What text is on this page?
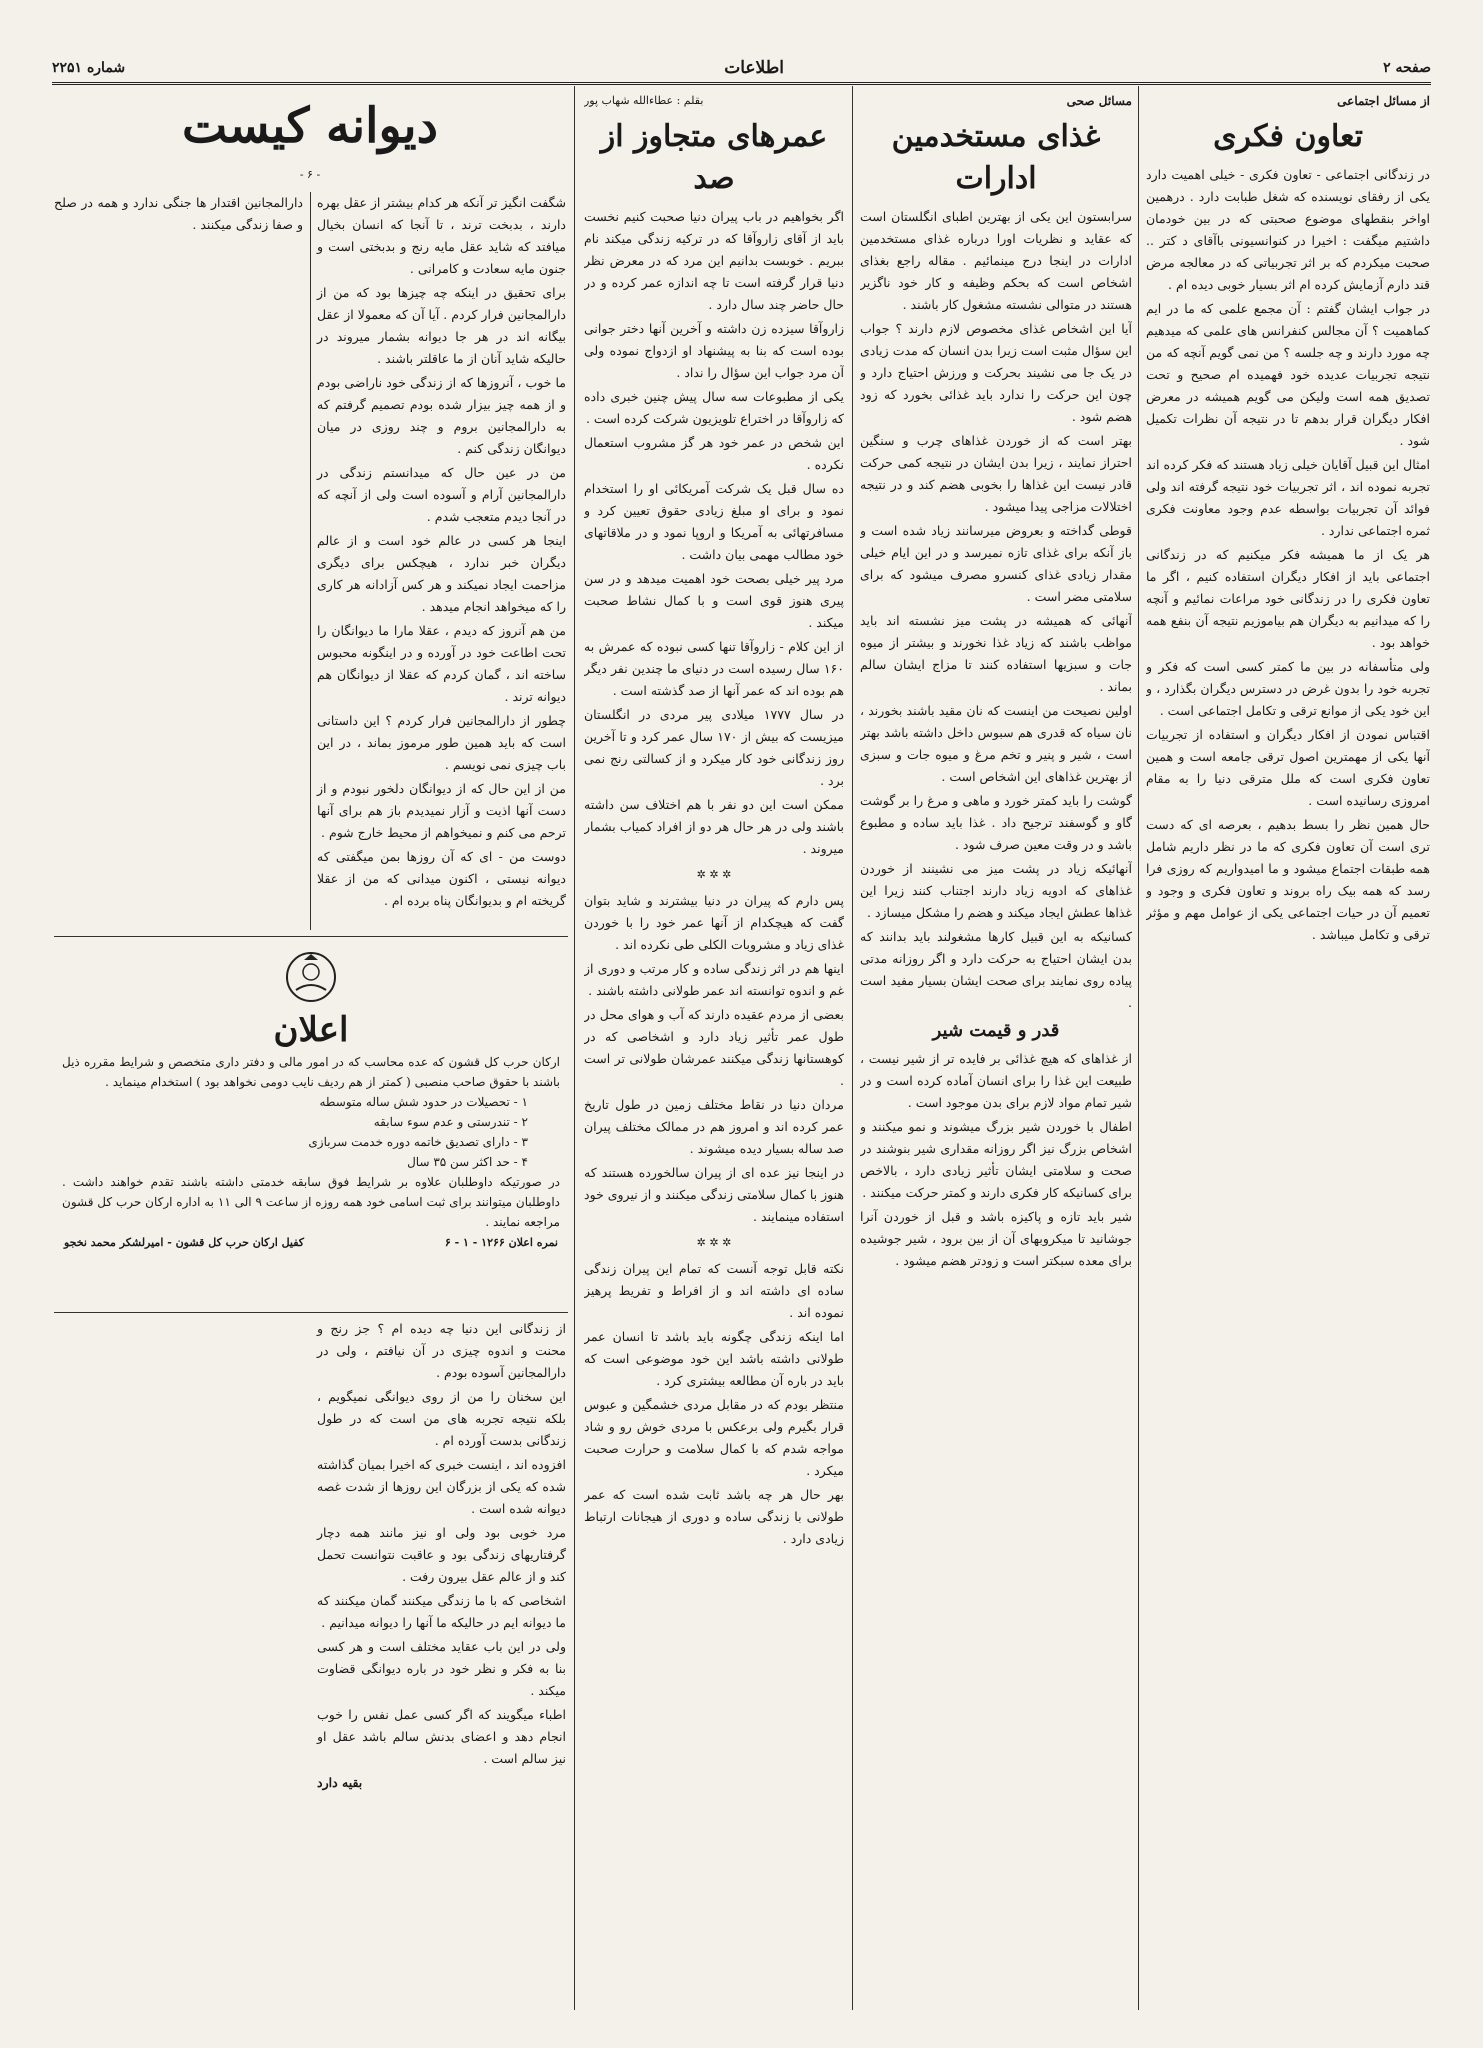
شماره ۲۲۵۱	اطلاعات	صفحه ۲
از مسائل اجتماعی
تعاون فکری

در زندگانی اجتماعی - تعاون فکری - خیلی اهمیت دارد یکی از رفقای نویسنده که شغل طبابت دارد . درهمین اواخر بنقطهای موضوع صحبتی که در بین خودمان داشتیم میگفت : اخیرا در کنوانسیونی باآقای د کتر .. صحبت میکردم که بر اثر تجربیاتی که در معالجه مرض قند دارم آزمایش کرده ام اثر بسیار خوبی دیده ام .

در جواب ایشان گفتم : آن مجمع علمی که ما در ایم کماهمیت ؟ آن مجالس کنفرانس های علمی که میدهیم چه مورد دارند و چه جلسه ؟ من نمی گویم آنچه که من نتیجه تجربیات عدیده خود فهمیده ام صحیح و تحت تصدیق همه است ولیکن می گویم همیشه در معرض افکار دیگران قرار بدهم تا در نتیجه آن نظرات تکمیل شود .

امثال این قبیل آقایان خیلی زیاد هستند که فکر کرده اند تجربه نموده اند ، اثر تجربیات خود نتیجه گرفته اند ولی فوائد آن تجربیات بواسطه عدم وجود معاونت فکری ثمره اجتماعی ندارد .

هر یک از ما همیشه فکر میکنیم که در زندگانی اجتماعی باید از افکار دیگران استفاده کنیم ، اگر ما تعاون فکری را در زندگانی خود مراعات نمائیم و آنچه را که میدانیم به دیگران هم بیاموزیم نتیجه آن بنفع همه خواهد بود .

ولی متأسفانه در بین ما کمتر کسی است که فکر و تجربه خود را بدون غرض در دسترس دیگران بگذارد ، و این خود یکی از موانع ترقی و تکامل اجتماعی است .

اقتباس نمودن از افکار دیگران و استفاده از تجربیات آنها یکی از مهمترین اصول ترقی جامعه است و همین تعاون فکری است که ملل مترقی دنیا را به مقام امروزی رسانیده است .

حال همین نظر را بسط بدهیم ، بعرصه ای که دست تری است آن تعاون فکری که ما در نظر داریم شامل همه طبقات اجتماع میشود و ما امیدواریم که روزی فرا رسد که همه بیک راه بروند و تعاون فکری و وجود و تعمیم آن در حیات اجتماعی یکی از عوامل مهم و مؤثر ترقی و تکامل میباشد .

مسائل صحی
غذای مستخدمین ادارات

سرابستون این یکی از بهترین اطبای انگلستان است که عقاید و نظریات اورا درباره غذای مستخدمین ادارات در اینجا درج مینمائیم . مقاله راجع بغذای اشخاص است که بحکم وظیفه و کار خود ناگزیر هستند در متوالی نشسته مشغول کار باشند .

آیا این اشخاص غذای مخصوص لازم دارند ؟ جواب این سؤال مثبت است زیرا بدن انسان که مدت زیادی در یک جا می نشیند بحرکت و ورزش احتیاج دارد و چون این حرکت را ندارد باید غذائی بخورد که زود هضم شود .

بهتر است که از خوردن غذاهای چرب و سنگین احتراز نمایند ، زیرا بدن ایشان در نتیجه کمی حرکت قادر نیست این غذاها را بخوبی هضم کند و در نتیجه اختلالات مزاجی پیدا میشود .

قوطی گداخته و بعروض میرسانند زیاد شده است و باز آنکه برای غذای تازه نمیرسد و در این ایام خیلی مقدار زیادی غذای کنسرو مصرف میشود که برای سلامتی مضر است .

آنهائی که همیشه در پشت میز نشسته اند باید مواظب باشند که زیاد غذا نخورند و بیشتر از میوه جات و سبزیها استفاده کنند تا مزاج ایشان سالم بماند .

اولین نصیحت من اینست که نان مقید باشند بخورند ، نان سیاه که قدری هم سبوس داخل داشته باشد بهتر است ، شیر و پنیر و تخم مرغ و میوه جات و سبزی از بهترین غذاهای این اشخاص است .

گوشت را باید کمتر خورد و ماهی و مرغ را بر گوشت گاو و گوسفند ترجیح داد . غذا باید ساده و مطبوع باشد و در وقت معین صرف شود .

آنهائیکه زیاد در پشت میز می نشینند از خوردن غذاهای که ادویه زیاد دارند اجتناب کنند زیرا این غذاها عطش ایجاد میکند و هضم را مشکل میسازد .

کسانیکه به این قبیل کارها مشغولند باید بدانند که بدن ایشان احتیاج به حرکت دارد و اگر روزانه مدتی پیاده روی نمایند برای صحت ایشان بسیار مفید است .

قدر و قیمت شیر

از غذاهای که هیچ غذائی بر فایده تر از شیر نیست ، طبیعت این غذا را برای انسان آماده کرده است و در شیر تمام مواد لازم برای بدن موجود است .

اطفال با خوردن شیر بزرگ میشوند و نمو میکنند و اشخاص بزرگ نیز اگر روزانه مقداری شیر بنوشند در صحت و سلامتی ایشان تأثیر زیادی دارد ، بالاخص برای کسانیکه کار فکری دارند و کمتر حرکت میکنند .

شیر باید تازه و پاکیزه باشد و قبل از خوردن آنرا جوشانید تا میکروبهای آن از بین برود ، شیر جوشیده برای معده سبکتر است و زودتر هضم میشود .

بقلم : عطاءالله شهاب پور
عمرهای متجاوز از صد

اگر بخواهیم در باب پیران دنیا صحبت کنیم نخست باید از آقای زاروآقا که در ترکیه زندگی میکند نام ببریم . خوبست بدانیم این مرد که در معرض نظر دنیا قرار گرفته است تا چه اندازه عمر کرده و در حال حاضر چند سال دارد .

زاروآقا سیزده زن داشته و آخرین آنها دختر جوانی بوده است که بنا به پیشنهاد او ازدواج نموده ولی آن مرد جواب این سؤال را نداد .

یکی از مطبوعات سه سال پیش چنین خبری داده که زاروآقا در اختراع تلویزیون شرکت کرده است .

این شخص در عمر خود هر گز مشروب استعمال نکرده .

ده سال قبل یک شرکت آمریکائی او را استخدام نمود و برای او مبلغ زیادی حقوق تعیین کرد و مسافرتهائی به آمریکا و اروپا نمود و در ملاقاتهای خود مطالب مهمی بیان داشت .

مرد پیر خیلی بصحت خود اهمیت میدهد و در سن پیری هنوز قوی است و با کمال نشاط صحبت میکند .

از این کلام - زاروآقا تنها کسی نبوده که عمرش به ۱۶۰ سال رسیده است در دنیای ما چندین نفر دیگر هم بوده اند که عمر آنها از صد گذشته است .

در سال ۱۷۷۷ میلادی پیر مردی در انگلستان میزیست که بیش از ۱۷۰ سال عمر کرد و تا آخرین روز زندگانی خود کار میکرد و از کسالتی رنج نمی برد .

ممکن است این دو نفر با هم اختلاف سن داشته باشند ولی در هر حال هر دو از افراد کمیاب بشمار میروند .

✲ ✲ ✲

پس دارم که پیران در دنیا بیشترند و شاید بتوان گفت که هیچکدام از آنها عمر خود را با خوردن غذای زیاد و مشروبات الکلی طی نکرده اند .

اینها هم در اثر زندگی ساده و کار مرتب و دوری از غم و اندوه توانسته اند عمر طولانی داشته باشند .

بعضی از مردم عقیده دارند که آب و هوای محل در طول عمر تأثیر زیاد دارد و اشخاصی که در کوهستانها زندگی میکنند عمرشان طولانی تر است .

مردان دنیا در نقاط مختلف زمین در طول تاریخ عمر کرده اند و امروز هم در ممالک مختلف پیران صد ساله بسیار دیده میشوند .

در اینجا نیز عده ای از پیران سالخورده هستند که هنوز با کمال سلامتی زندگی میکنند و از نیروی خود استفاده مینمایند .

✲ ✲ ✲

نکته قابل توجه آنست که تمام این پیران زندگی ساده ای داشته اند و از افراط و تفریط پرهیز نموده اند .

اما اینکه زندگی چگونه باید باشد تا انسان عمر طولانی داشته باشد این خود موضوعی است که باید در باره آن مطالعه بیشتری کرد .

منتظر بودم که در مقابل مردی خشمگین و عبوس قرار بگیرم ولی برعکس با مردی خوش رو و شاد مواجه شدم که با کمال سلامت و حرارت صحبت میکرد .

بهر حال هر چه باشد ثابت شده است که عمر طولانی با زندگی ساده و دوری از هیجانات ارتباط زیادی دارد .

دیوانه کیست
- ۶ -

شگفت انگیز تر آنکه هر کدام بیشتر از عقل بهره دارند ، بدبخت ترند ، تا آنجا که انسان بخیال میافتد که شاید عقل مایه رنج و بدبختی است و جنون مایه سعادت و کامرانی .

برای تحقیق در اینکه چه چیزها بود که من از دارالمجانین فرار کردم . آیا آن که معمولا از عقل بیگانه اند در هر جا دیوانه بشمار میروند در حالیکه شاید آنان از ما عاقلتر باشند .

ما خوب ، آنروزها که از زندگی خود ناراضی بودم و از همه چیز بیزار شده بودم تصمیم گرفتم که به دارالمجانین بروم و چند روزی در میان دیوانگان زندگی کنم .

من در عین حال که میدانستم زندگی در دارالمجانین آرام و آسوده است ولی از آنچه که در آنجا دیدم متعجب شدم .

اینجا هر کسی در عالم خود است و از عالم دیگران خبر ندارد ، هیچکس برای دیگری مزاحمت ایجاد نمیکند و هر کس آزادانه هر کاری را که میخواهد انجام میدهد .

من هم آنروز که دیدم ، عقلا مارا ما دیوانگان را تحت اطاعت خود در آورده و در اینگونه محبوس ساخته اند ، گمان کردم که عقلا از دیوانگان هم دیوانه ترند .

چطور از دارالمجانین فرار کردم ؟ این داستانی است که باید همین طور مرموز بماند ، در این باب چیزی نمی نویسم .

من از این حال که از دیوانگان دلخور نبودم و از دست آنها اذیت و آزار نمیدیدم باز هم برای آنها ترحم می کنم و نمیخواهم از محیط خارج شوم .

دوست من - ای که آن روزها بمن میگفتی که دیوانه نیستی ، اکنون میدانی که من از عقلا گریخته ام و بدیوانگان پناه برده ام .

دارالمجانین اقتدار ها جنگی ندارد و همه در صلح و صفا زندگی میکنند .

اعلان
ارکان حرب کل قشون که عده محاسب که در امور مالی و دفتر داری متخصص و شرایط مقرره ذیل باشند با حقوق صاحب منصبی ( کمتر از هم ردیف نایب دومی نخواهد بود ) استخدام مینماید .
۱ - تحصیلات در حدود شش ساله متوسطه
۲ - تندرستی و عدم سوء سابقه
۳ - دارای تصدیق خاتمه دوره خدمت سربازی
۴ - حد اکثر سن ۳۵ سال
در صورتیکه داوطلبان علاوه بر شرایط فوق سابقه خدمتی داشته باشند تقدم خواهند داشت . داوطلبان میتوانند برای ثبت اسامی خود همه روزه از ساعت ۹ الی ۱۱ به اداره ارکان حرب کل قشون مراجعه نمایند .
نمره اعلان ۱۲۶۶ - ۱ - ۶
کفیل ارکان حرب کل قشون - امیرلشکر محمد نخجو

از زندگانی این دنیا چه دیده ام ؟ جز رنج و محنت و اندوه چیزی در آن نیافتم ، ولی در دارالمجانین آسوده بودم .

این سخنان را من از روی دیوانگی نمیگویم ، بلکه نتیجه تجربه های من است که در طول زندگانی بدست آورده ام .

افزوده اند ، اینست خبری که اخیرا بمیان گذاشته شده که یکی از بزرگان این روزها از شدت غصه دیوانه شده است .

مرد خوبی بود ولی او نیز مانند همه دچار گرفتاریهای زندگی بود و عاقبت نتوانست تحمل کند و از عالم عقل بیرون رفت .

اشخاصی که با ما زندگی میکنند گمان میکنند که ما دیوانه ایم در حالیکه ما آنها را دیوانه میدانیم .

ولی در این باب عقاید مختلف است و هر کسی بنا به فکر و نظر خود در باره دیوانگی قضاوت میکند .

اطباء میگویند که اگر کسی عمل نفس را خوب انجام دهد و اعضای بدنش سالم باشد عقل او نیز سالم است .

بقیه دارد
